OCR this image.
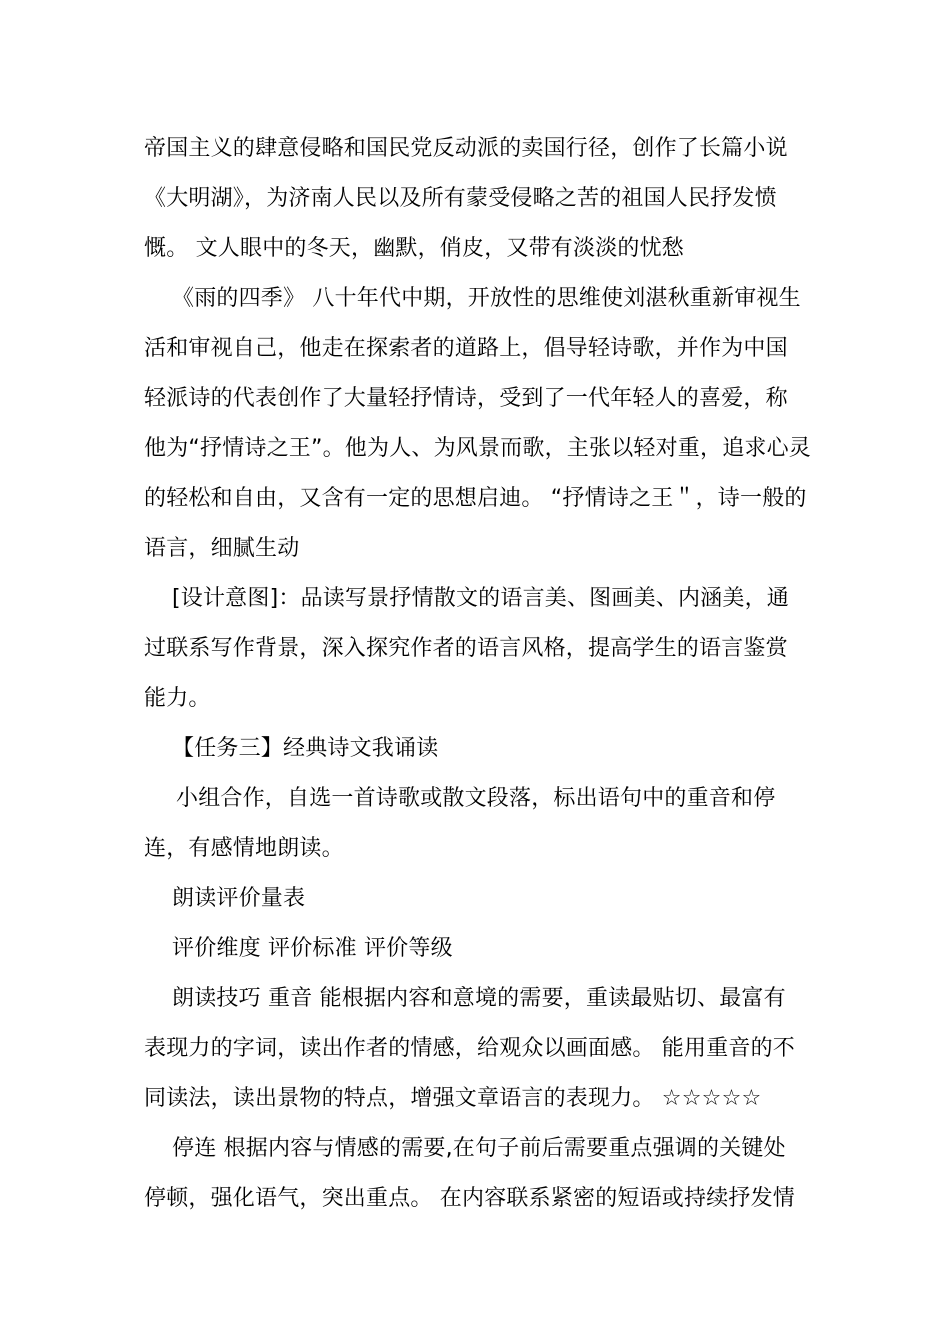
帝国主义的肆意侵略和国民党反动派的卖国行径，创作了长篇小说
《大明湖》，为济南人民以及所有蒙受侵略之苦的祖国人民抒发愤
慨。 文人眼中的冬天，幽默，俏皮，又带有淡淡的忧愁
《雨的四季》 八十年代中期，开放性的思维使刘湛秋重新审视生
活和审视自己，他走在探索者的道路上，倡导轻诗歌，并作为中国
轻派诗的代表创作了大量轻抒情诗，受到了一代年轻人的喜爱，称
他为“抒情诗之王”。他为人、为风景而歌，主张以轻对重，追求心灵
的轻松和自由，又含有一定的思想启迪。 “抒情诗之王＂，诗一般的
语言，细腻生动
[设计意图]：品读写景抒情散文的语言美、图画美、内涵美，通
过联系写作背景，深入探究作者的语言风格，提高学生的语言鉴赏
能力。
【任务三】经典诗文我诵读
小组合作，自选一首诗歌或散文段落，标出语句中的重音和停
连，有感情地朗读。
朗读评价量表
评价维度 评价标准 评价等级
朗读技巧 重音 能根据内容和意境的需要，重读最贴切、最富有
表现力的字词，读出作者的情感，给观众以画面感。 能用重音的不
同读法，读出景物的特点，增强文章语言的表现力。 ☆☆☆☆☆
停连 根据内容与情感的需要,在句子前后需要重点强调的关键处
停顿，强化语气，突出重点。 在内容联系紧密的短语或持续抒发情
